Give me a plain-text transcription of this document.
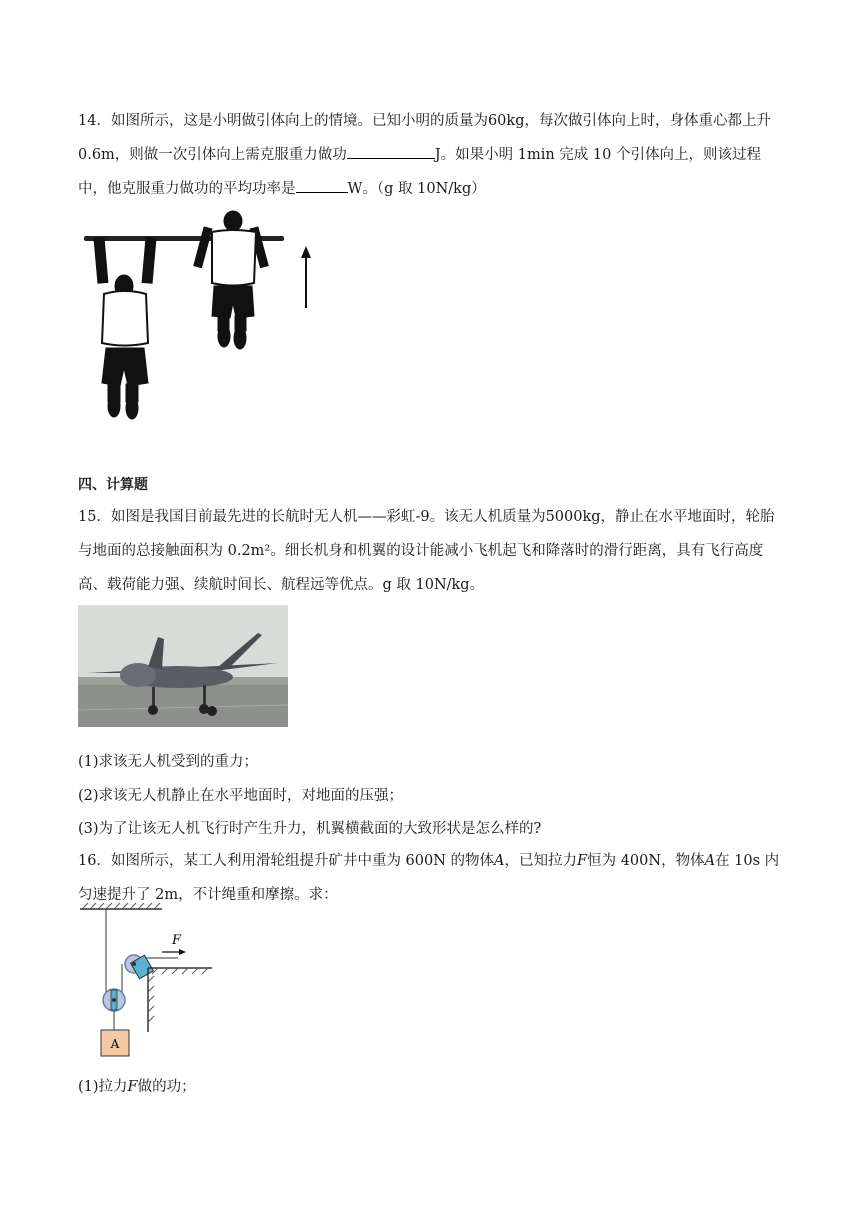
14．如图所示，这是小明做引体向上的情境。已知小明的质量为60kg，每次做引体向上时，身体重心都上升 0.6m，则做一次引体向上需克服重力做功	J。如果小明 1min 完成 10 个引体向上，则该过程中，他克服重力做功的平均功率是	W。（g 取 10N/kg）

四、计算题

15．如图是我国目前最先进的长航时无人机——彩虹-9。该无人机质量为5000kg，静止在水平地面时，轮胎与地面的总接触面积为 0.2m²。细长机身和机翼的设计能减小飞机起飞和降落时的滑行距离，具有飞行高度高、载荷能力强、续航时间长、航程远等优点。g 取 10N/kg。

(1)求该无人机受到的重力；

(2)求该无人机静止在水平地面时，对地面的压强；

(3)为了让该无人机飞行时产生升力，机翼横截面的大致形状是怎么样的?

16．如图所示，某工人利用滑轮组提升矿井中重为 600N 的物体A，已知拉力F恒为 400N，物体A在 10s 内匀速提升了 2m，不计绳重和摩擦。求：

F
A

(1)拉力F做的功；
